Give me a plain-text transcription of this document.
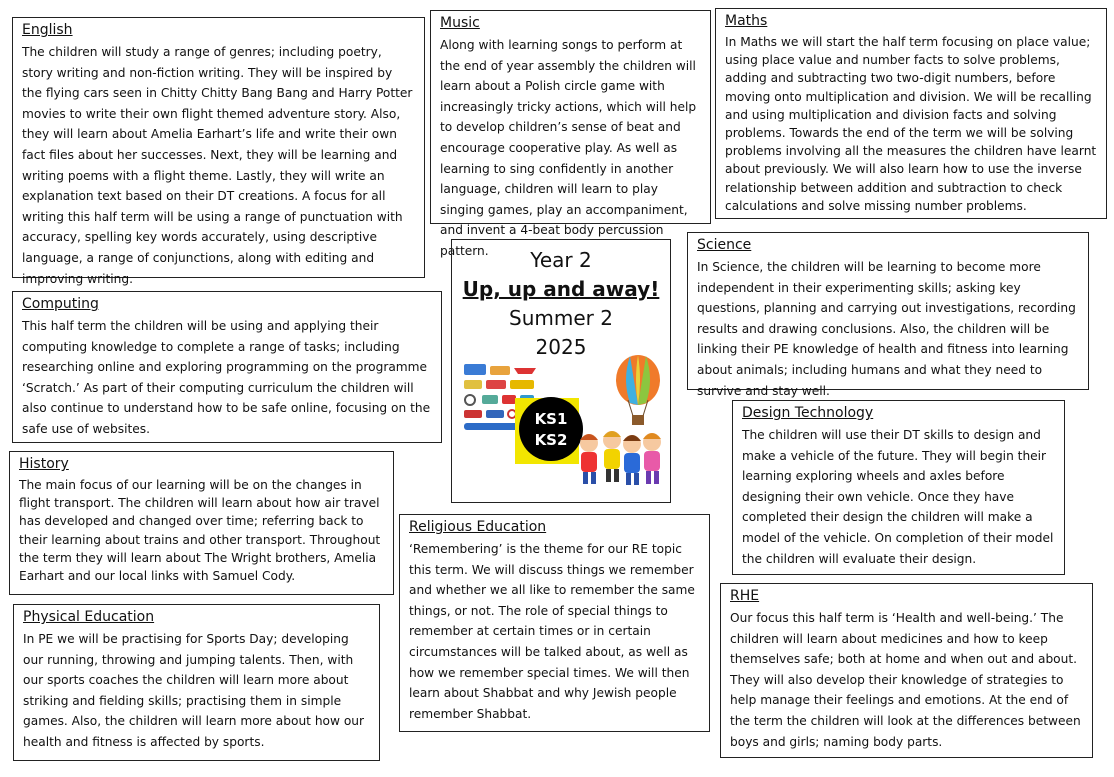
English

The children will study a range of genres; including poetry, story writing and non-fiction writing. They will be inspired by the flying cars seen in Chitty Chitty Bang Bang and Harry Potter movies to write their own flight themed adventure story. Also, they will learn about Amelia Earhart’s life and write their own fact files about her successes. Next, they will be learning and writing poems with a flight theme. Lastly, they will write an explanation text based on their DT creations. A focus for all writing this half term will be using a range of punctuation with accuracy, spelling key words accurately, using descriptive language, a range of conjunctions, along with editing and improving writing.

Music

Along with learning songs to perform at the end of year assembly the children will learn about a Polish circle game with increasingly tricky actions, which will help to develop children’s sense of beat and encourage cooperative play. As well as learning to sing confidently in another language, children will learn to play singing games, play an accompaniment, and invent a 4-beat body percussion pattern.

Maths

In Maths we will start the half term focusing on place value; using place value and number facts to solve problems, adding and subtracting two two-digit numbers, before moving onto multiplication and division. We will be recalling and using multiplication and division facts and solving problems. Towards the end of the term we will be solving problems involving all the measures the children have learnt about previously. We will also learn how to use the inverse relationship between addition and subtraction to check calculations and solve missing number problems.

Computing

This half term the children will be using and applying their computing knowledge to complete a range of tasks; including researching online and exploring programming on the programme ‘Scratch.’ As part of their computing curriculum the children will also continue to understand how to be safe online, focusing on the safe use of websites.

Year 2
Up, up and away!
Summer 2
2025
KS1
KS2
Science

In Science, the children will be learning to become more independent in their experimenting skills; asking key questions, planning and carrying out investigations, recording results and drawing conclusions. Also, the children will be linking their PE knowledge of health and fitness into learning about animals; including humans and what they need to survive and stay well.

History

The main focus of our learning will be on the changes in flight transport. The children will learn about how air travel has developed and changed over time; referring back to their learning about trains and other transport. Throughout the term they will learn about The Wright brothers, Amelia Earhart and our local links with Samuel Cody.

Design Technology

The children will use their DT skills to design and make a vehicle of the future. They will begin their learning exploring wheels and axles before designing their own vehicle. Once they have completed their design the children will make a model of the vehicle. On completion of their model the children will evaluate their design.

Religious Education

‘Remembering’ is the theme for our RE topic this term. We will discuss things we remember and whether we all like to remember the same things, or not. The role of special things to remember at certain times or in certain circumstances will be talked about, as well as how we remember special times. We will then learn about Shabbat and why Jewish people remember Shabbat.

Physical Education

In PE we will be practising for Sports Day; developing our running, throwing and jumping talents. Then, with our sports coaches the children will learn more about striking and fielding skills; practising them in simple games. Also, the children will learn more about how our health and fitness is affected by sports.

RHE

Our focus this half term is ‘Health and well-being.’ The children will learn about medicines and how to keep themselves safe; both at home and when out and about. They will also develop their knowledge of strategies to help manage their feelings and emotions. At the end of the term the children will look at the differences between boys and girls; naming body parts.
